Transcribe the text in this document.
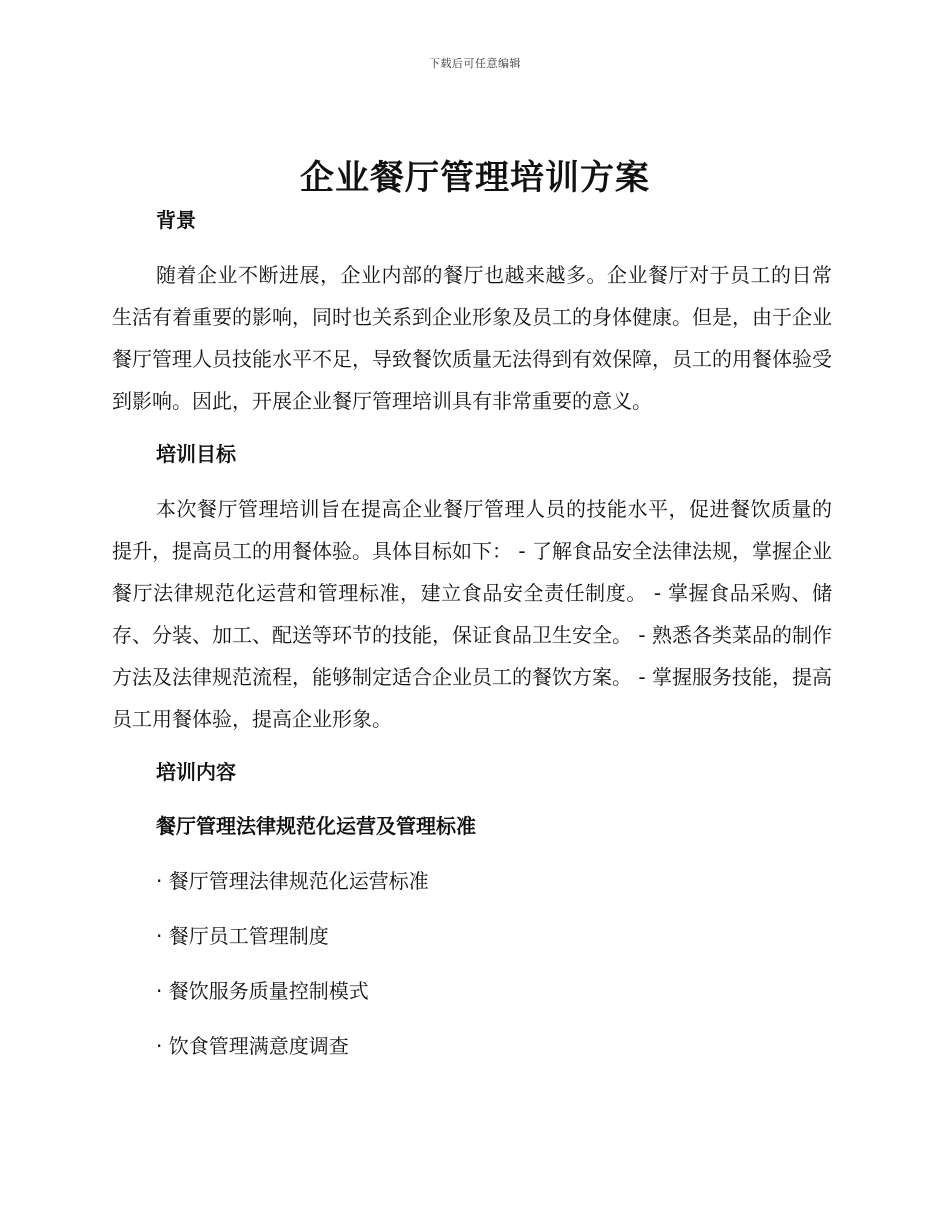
下载后可任意编辑
企业餐厅管理培训方案
背景

随着企业不断进展，企业内部的餐厅也越来越多。企业餐厅对于员工的日常生活有着重要的影响，同时也关系到企业形象及员工的身体健康。但是，由于企业餐厅管理人员技能水平不足，导致餐饮质量无法得到有效保障，员工的用餐体验受到影响。因此，开展企业餐厅管理培训具有非常重要的意义。

培训目标

本次餐厅管理培训旨在提高企业餐厅管理人员的技能水平，促进餐饮质量的提升，提高员工的用餐体验。具体目标如下： - 了解食品安全法律法规，掌握企业餐厅法律规范化运营和管理标准，建立食品安全责任制度。 - 掌握食品采购、储存、分装、加工、配送等环节的技能，保证食品卫生安全。 - 熟悉各类菜品的制作方法及法律规范流程，能够制定适合企业员工的餐饮方案。 - 掌握服务技能，提高员工用餐体验，提高企业形象。

培训内容
餐厅管理法律规范化运营及管理标准
· 餐厅管理法律规范化运营标准
· 餐厅员工管理制度
· 餐饮服务质量控制模式
· 饮食管理满意度调查
